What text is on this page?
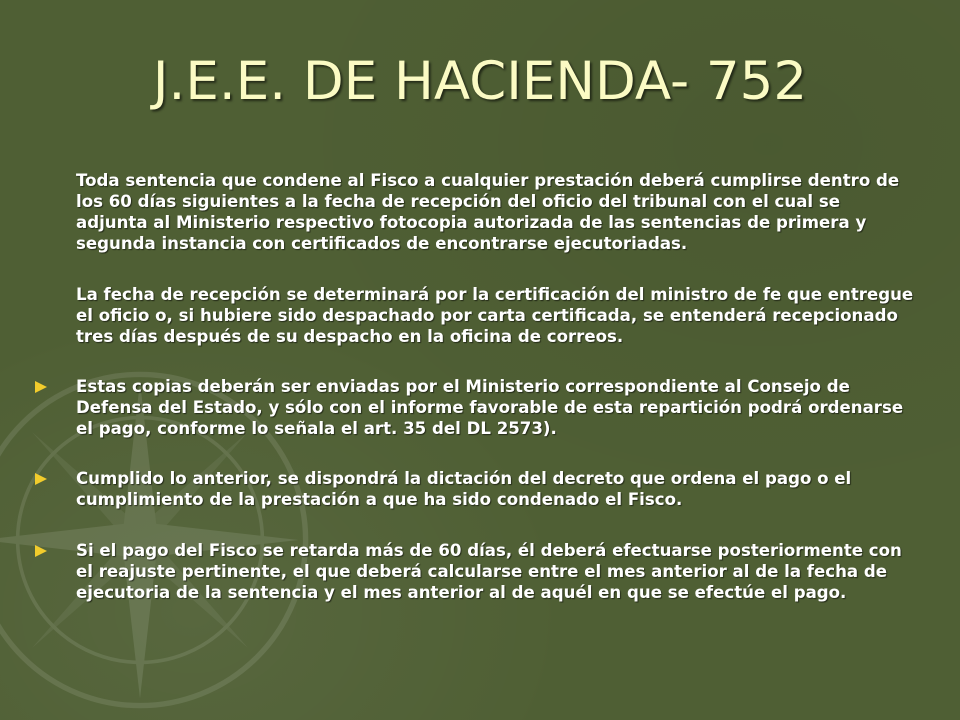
J.E.E. DE HACIENDA- 752

Toda sentencia que condene al Fisco a cualquier prestación deberá cumplirse dentro de los 60 días siguientes a la fecha de recepción del oficio del tribunal con el cual se adjunta al Ministerio respectivo fotocopia autorizada de las sentencias de primera y segunda instancia con certificados de encontrarse ejecutoriadas.

La fecha de recepción se determinará por la certificación del ministro de fe que entregue el oficio o, si hubiere sido despachado por carta certificada, se entenderá recepcionado tres días después de su despacho en la oficina de correos.

Estas copias deberán ser enviadas por el Ministerio correspondiente al Consejo de Defensa del Estado, y sólo con el informe favorable de esta repartición podrá ordenarse el pago, conforme lo señala el art. 35 del DL 2573).

Cumplido lo anterior, se dispondrá la dictación del decreto que ordena el pago o el cumplimiento de la prestación a que ha sido condenado el Fisco.

Si el pago del Fisco se retarda más de 60 días, él deberá efectuarse posteriormente con el reajuste pertinente, el que deberá calcularse entre el mes anterior al de la fecha de ejecutoria de la sentencia y el mes anterior al de aquél en que se efectúe el pago.
